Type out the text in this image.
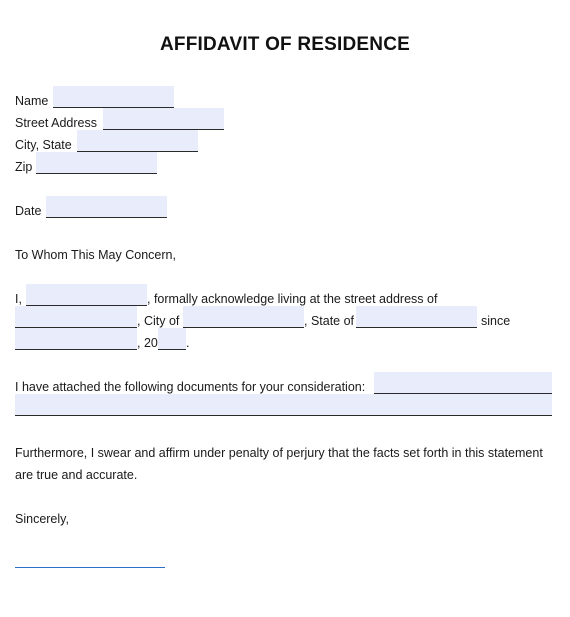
AFFIDAVIT OF RESIDENCE
Name
Street Address
City, State
Zip
Date
To Whom This May Concern,
I,	, formally acknowledge living at the street address of
, City of	, State of	since
, 20 .
I have attached the following documents for your consideration:
Furthermore, I swear and affirm under penalty of perjury that the facts set forth in this statement
are true and accurate.
Sincerely,
